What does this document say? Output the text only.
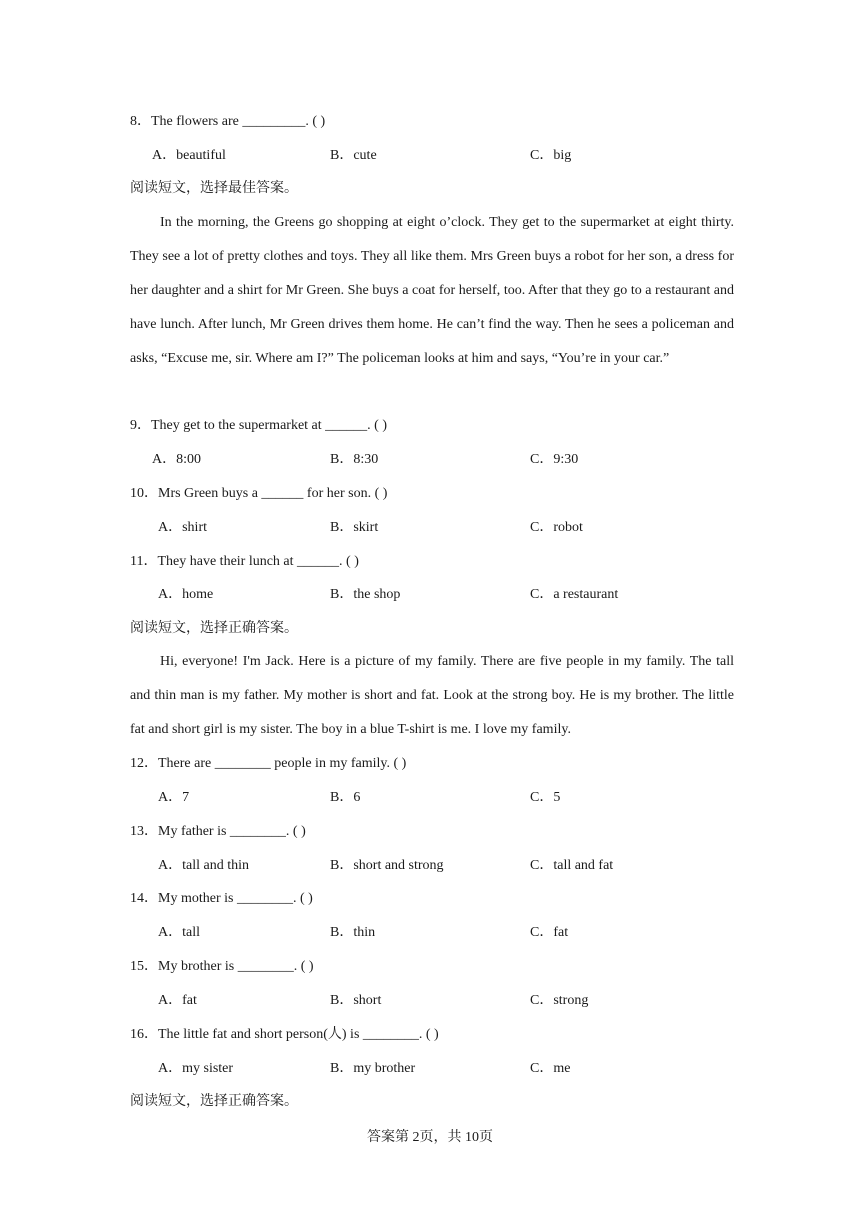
8．The flowers are _________. ( )
A．beautiful	B．cute	C．big
阅读短文，选择最佳答案。
In the morning, the Greens go shopping at eight o’clock. They get to the supermarket at eight thirty. They see a lot of pretty clothes and toys. They all like them. Mrs Green buys a robot for her son, a dress for her daughter and a shirt for Mr Green. She buys a coat for herself, too. After that they go to a restaurant and have lunch. After lunch, Mr Green drives them home. He can’t find the way. Then he sees a policeman and asks, “Excuse me, sir. Where am I?” The policeman looks at him and says, “You’re in your car.”
9．They get to the supermarket at ______. ( )
A．8:00	B．8:30	C．9:30
10．Mrs Green buys a ______ for her son. ( )
A．shirt	B．skirt	C．robot
11．They have their lunch at ______. ( )
A．home	B．the shop	C．a restaurant
阅读短文，选择正确答案。
Hi, everyone! I'm Jack. Here is a picture of my family. There are five people in my family. The tall and thin man is my father. My mother is short and fat. Look at the strong boy. He is my brother. The little fat and short girl is my sister. The boy in a blue T-shirt is me. I love my family.
12．There are ________ people in my family. ( )
A．7	B．6	C．5
13．My father is ________. ( )
A．tall and thin	B．short and strong	C．tall and fat
14．My mother is ________. ( )
A．tall	B．thin	C．fat
15．My brother is ________. ( )
A．fat	B．short	C．strong
16．The little fat and short person(人) is ________. ( )
A．my sister	B．my brother	C．me
阅读短文，选择正确答案。
答案第 2页，共 10页
